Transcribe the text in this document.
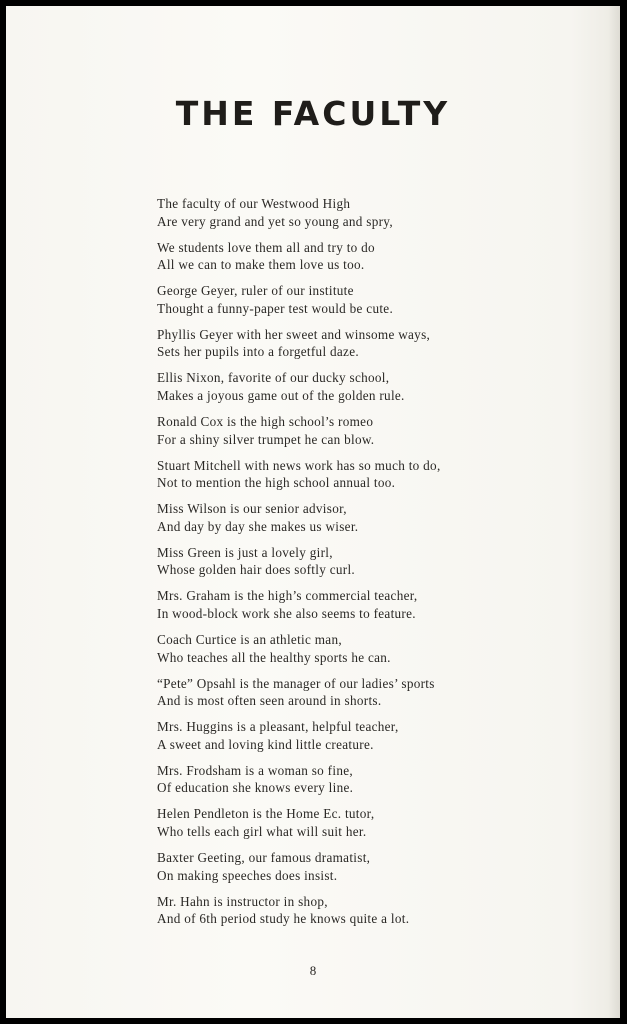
THE FACULTY
The faculty of our Westwood High
Are very grand and yet so young and spry,
We students love them all and try to do
All we can to make them love us too.
George Geyer, ruler of our institute
Thought a funny-paper test would be cute.
Phyllis Geyer with her sweet and winsome ways,
Sets her pupils into a forgetful daze.
Ellis Nixon, favorite of our ducky school,
Makes a joyous game out of the golden rule.
Ronald Cox is the high school’s romeo
For a shiny silver trumpet he can blow.
Stuart Mitchell with news work has so much to do,
Not to mention the high school annual too.
Miss Wilson is our senior advisor,
And day by day she makes us wiser.
Miss Green is just a lovely girl,
Whose golden hair does softly curl.
Mrs. Graham is the high’s commercial teacher,
In wood-block work she also seems to feature.
Coach Curtice is an athletic man,
Who teaches all the healthy sports he can.
“Pete” Opsahl is the manager of our ladies’ sports
And is most often seen around in shorts.
Mrs. Huggins is a pleasant, helpful teacher,
A sweet and loving kind little creature.
Mrs. Frodsham is a woman so fine,
Of education she knows every line.
Helen Pendleton is the Home Ec. tutor,
Who tells each girl what will suit her.
Baxter Geeting, our famous dramatist,
On making speeches does insist.
Mr. Hahn is instructor in shop,
And of 6th period study he knows quite a lot.
8
